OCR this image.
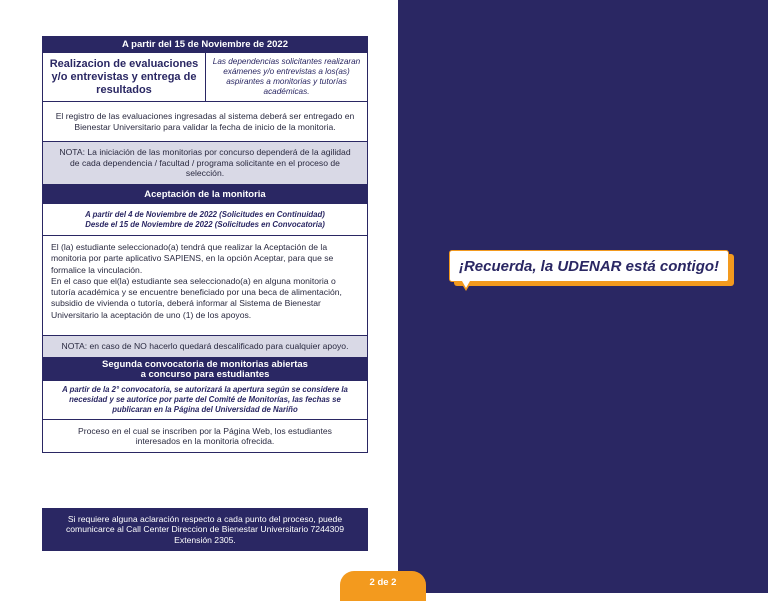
A partir del 15 de Noviembre de 2022
Realizacion de evaluaciones y/o entrevistas y entrega de resultados
Las dependencias solicitantes realizaran exámenes y/o entrevistas a los(as) aspirantes a monitorias y tutorías académicas.
El registro de las evaluaciones ingresadas al sistema deberá ser entregado en Bienestar Universitario para validar la fecha de inicio de la monitoria.
NOTA: La iniciación de las monitorias por concurso dependerá de la agilidad de cada dependencia / facultad / programa solicitante en el proceso de selección.
Aceptación de la monitoria
A partir del 4 de Noviembre de 2022 (Solicitudes en Continuidad)
Desde el 15 de Noviembre de 2022 (Solicitudes en Convocatoria)

El (la) estudiante seleccionado(a) tendrá que realizar la Aceptación de la monitoria por parte aplicativo SAPIENS, en la opción Aceptar, para que se formalice la vinculación.

En el caso que el(la) estudiante sea seleccionado(a) en alguna monitoria o tutoría académica y se encuentre beneficiado por una beca de alimentación, subsidio de vivienda o tutoría, deberá informar al Sistema de Bienestar Universitario la aceptación de uno (1) de los apoyos.

NOTA: en caso de NO hacerlo quedará descalificado para cualquier apoyo.
Segunda convocatoria de monitorias abiertas
a concurso para estudiantes
A partir de la 2° convocatoria, se autorizará la apertura según se considere la necesidad y se autorice por parte del Comité de Monitorías, las fechas se publicaran en la Página del Universidad de Nariño
Proceso en el cual se inscriben por la Página Web, los estudiantes interesados en la monitoria ofrecida.
Si requiere alguna aclaración respecto a cada punto del proceso, puede comunicarce al Call Center Direccion de Bienestar Universitario 7244309 Extensión 2305.
2 de 2
¡Recuerda, la UDENAR está contigo!
